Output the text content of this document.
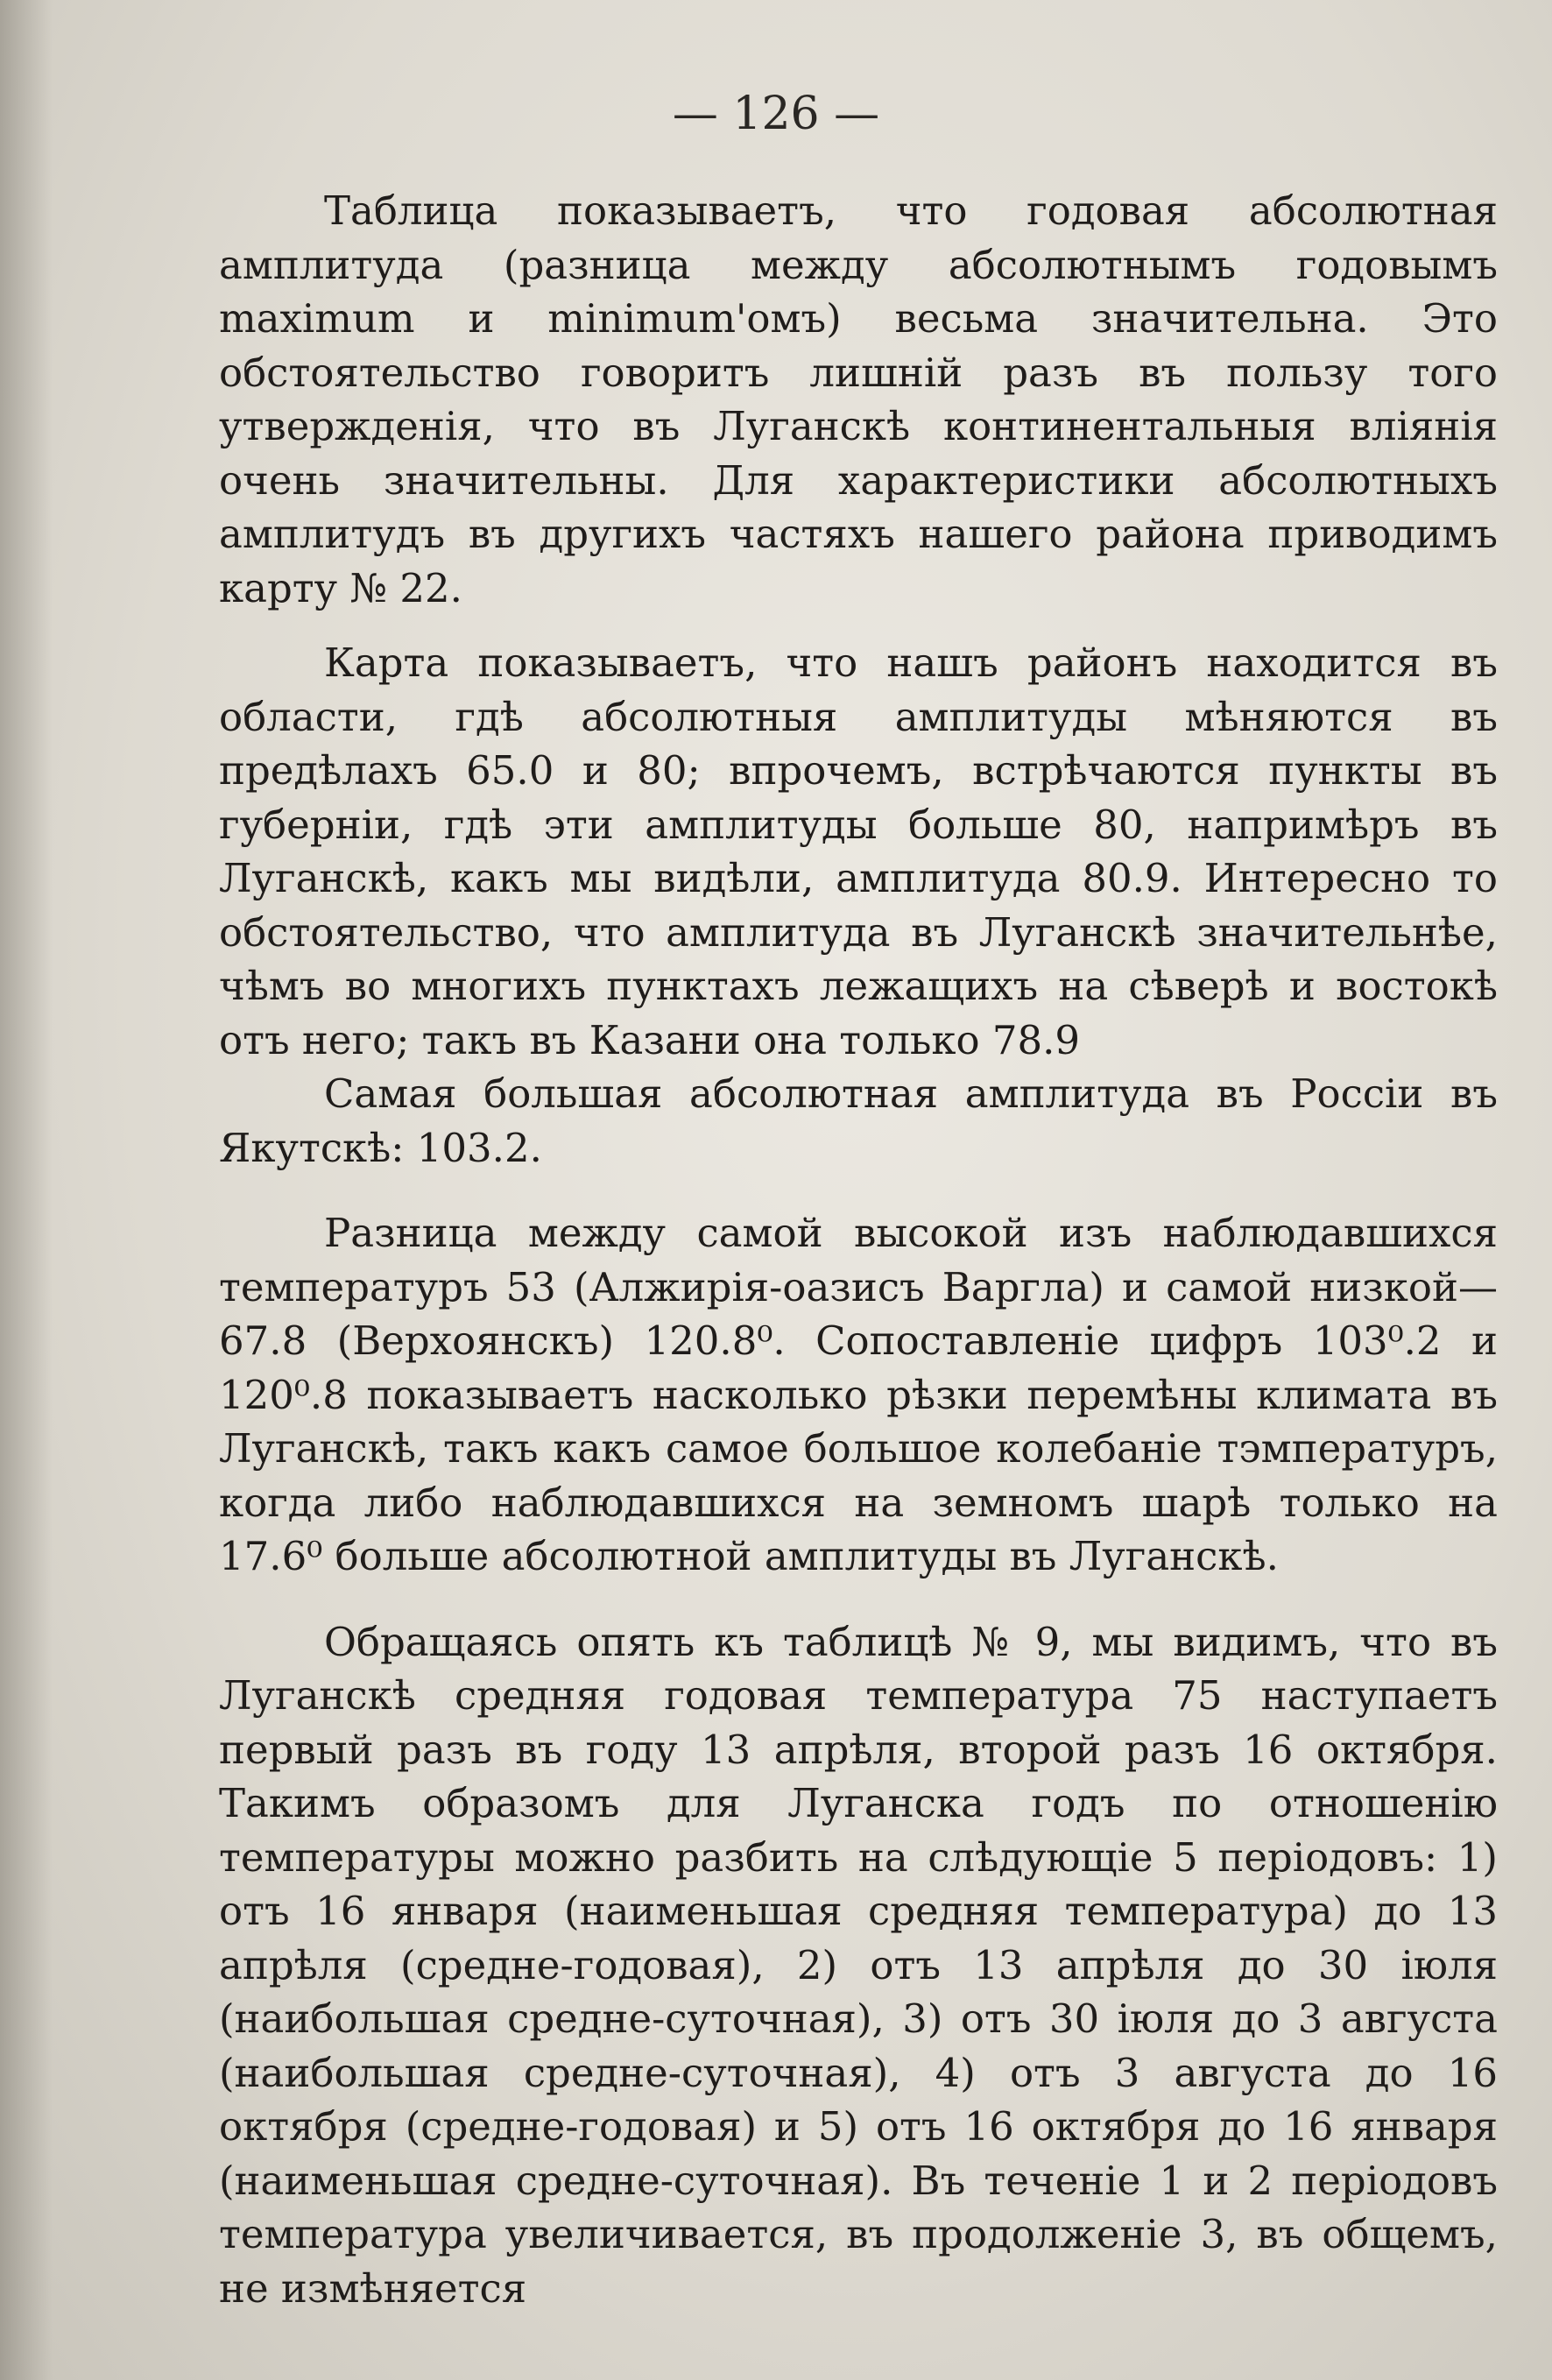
— 126 —

Таблица показываетъ, что годовая абсолютная амплитуда (разница между абсолютнымъ годовымъ maximum и minimum'омъ) весьма значительна. Это обстоятельство говоритъ лишній разъ въ пользу того утвержденія, что въ Луганскѣ континентальныя вліянія очень значительны. Для характеристики абсолютныхъ амплитудъ въ другихъ частяхъ нашего района приводимъ карту № 22.

Карта показываетъ, что нашъ районъ находится въ области, гдѣ абсолютныя амплитуды мѣняются въ предѣлахъ 65.0 и 80; впрочемъ, встрѣчаются пункты въ губерніи, гдѣ эти амплитуды больше 80, напримѣръ въ Луганскѣ, какъ мы видѣли, амплитуда 80.9. Интересно то обстоятельство, что амплитуда въ Луганскѣ значительнѣе, чѣмъ во многихъ пунктахъ лежащихъ на сѣверѣ и востокѣ отъ него; такъ въ Казани она только 78.9

Самая большая абсолютная амплитуда въ Россіи въ Якутскѣ: 103.2.

Разница между самой высокой изъ наблюдавшихся температуръ 53 (Алжирія-оазисъ Варгла) и самой низкой— 67.8 (Верхоянскъ) 120.8⁰. Сопоставленіе цифръ 103⁰.2 и 120⁰.8 показываетъ насколько рѣзки перемѣны климата въ Луганскѣ, такъ какъ самое большое колебаніе тэмпературъ, когда либо наблюдавшихся на земномъ шарѣ только на 17.6⁰ больше абсолютной амплитуды въ Луганскѣ.

Обращаясь опять къ таблицѣ № 9, мы видимъ, что въ Луганскѣ средняя годовая температура 75 наступаетъ первый разъ въ году 13 апрѣля, второй разъ 16 октября. Такимъ образомъ для Луганска годъ по отношенію температуры можно разбить на слѣдующіе 5 періодовъ: 1) отъ 16 января (наименьшая средняя температура) до 13 апрѣля (средне-годовая), 2) отъ 13 апрѣля до 30 іюля (наибольшая средне-суточная), 3) отъ 30 іюля до 3 августа (наибольшая средне-суточная), 4) отъ 3 августа до 16 октября (средне-годовая) и 5) отъ 16 октября до 16 января (наименьшая средне-суточная). Въ теченіе 1 и 2 періодовъ температура увеличивается, въ продолженіе 3, въ общемъ, не измѣняется
